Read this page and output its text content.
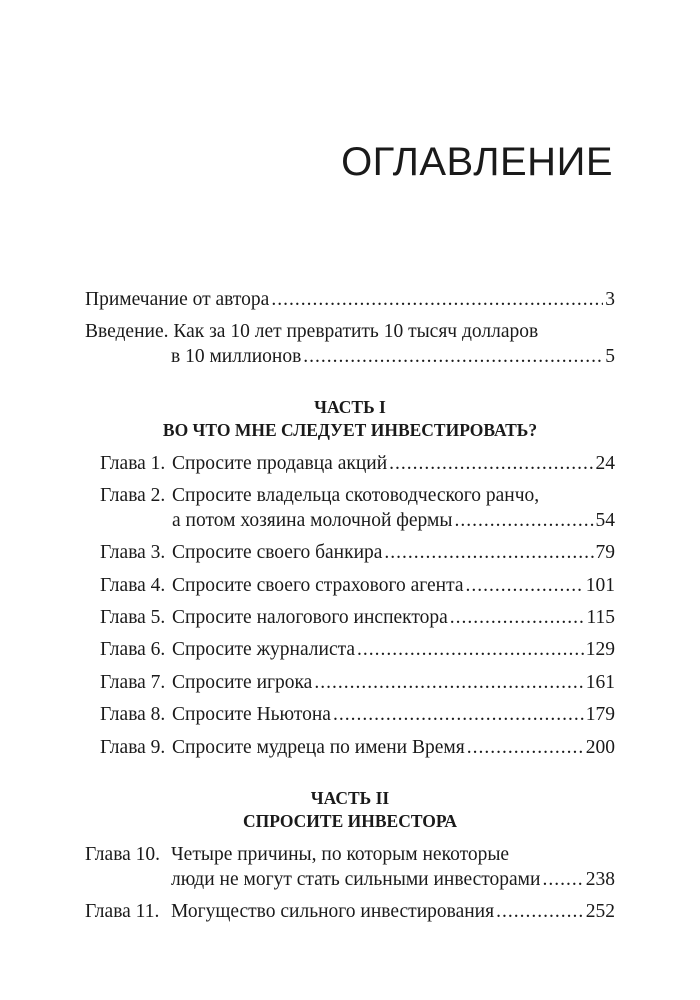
ОГЛАВЛЕНИЕ
Примечание от автора .....	3
Введение. Как за 10 лет превратить 10 тысяч долларов
в 10 миллионов .....	5
ЧАСТЬ I
ВО ЧТО МНЕ СЛЕДУЕТ ИНВЕСТИРОВАТЬ?
Глава 1. Спросите продавца акций .....	24
Глава 2. Спросите владельца скотоводческого ранчо,
а потом хозяина молочной фермы .....	54
Глава 3. Спросите своего банкира .....	79
Глава 4. Спросите своего страхового агента .....	101
Глава 5. Спросите налогового инспектора .....	115
Глава 6. Спросите журналиста .....	129
Глава 7. Спросите игрока .....	161
Глава 8. Спросите Ньютона .....	179
Глава 9. Спросите мудреца по имени Время .....	200
ЧАСТЬ II
СПРОСИТЕ ИНВЕСТОРА
Глава 10. Четыре причины, по которым некоторые
люди не могут стать сильными инвесторами ..... 238
Глава 11. Могущество сильного инвестирования .....	252
